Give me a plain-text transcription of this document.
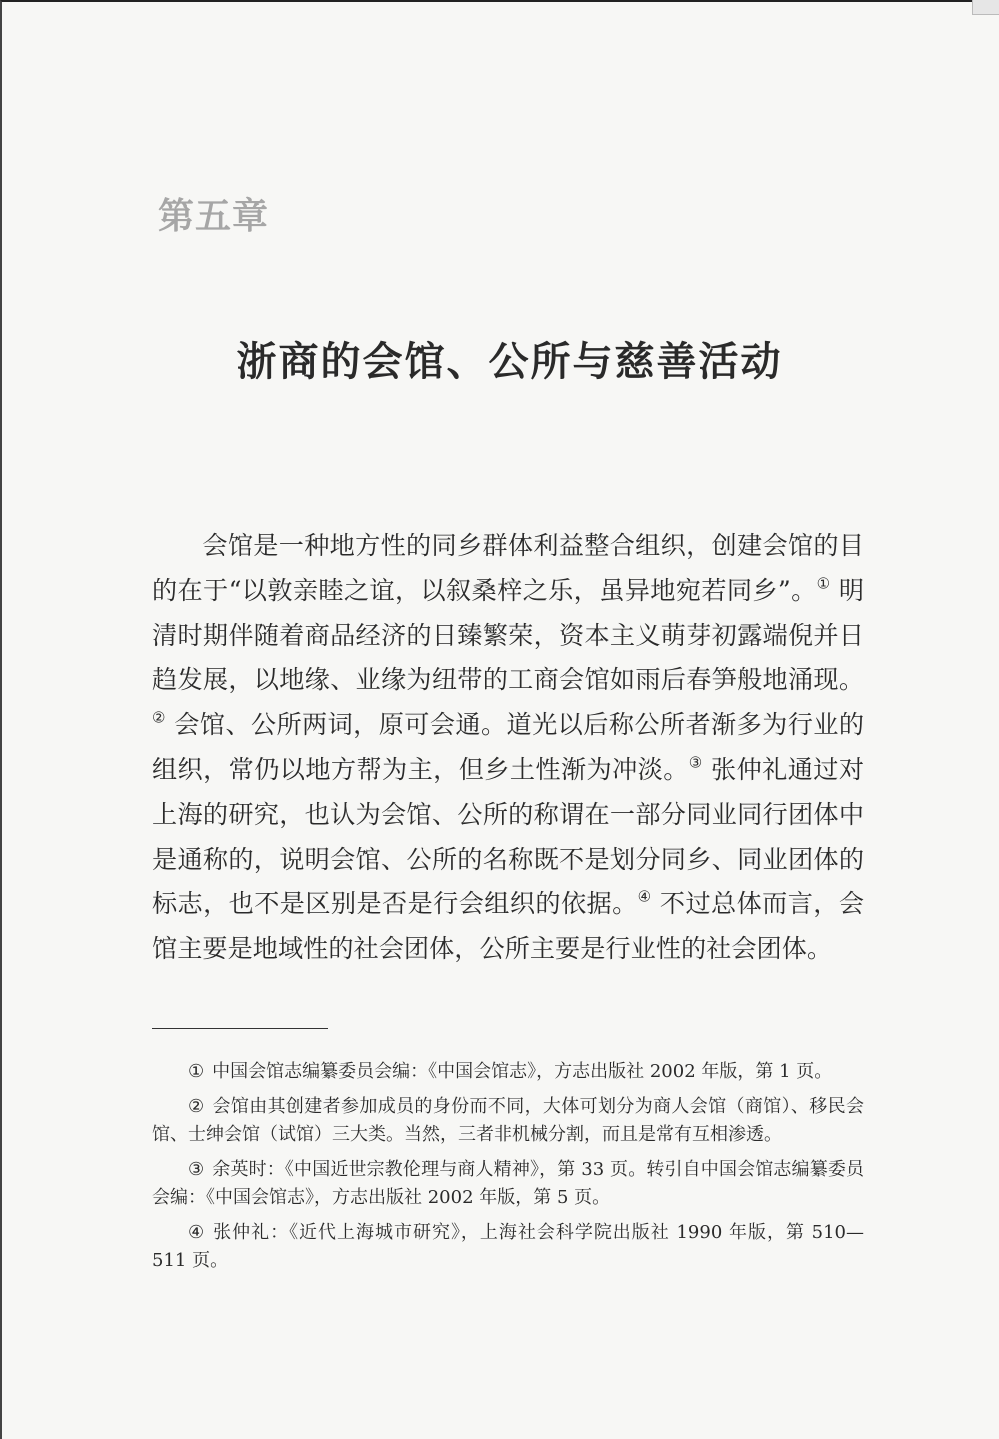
第五章
浙商的会馆、公所与慈善活动

会馆是一种地方性的同乡群体利益整合组织，创建会馆的目的在于“以敦亲睦之谊，以叙桑梓之乐，虽异地宛若同乡”。① 明清时期伴随着商品经济的日臻繁荣，资本主义萌芽初露端倪并日趋发展，以地缘、业缘为纽带的工商会馆如雨后春笋般地涌现。② 会馆、公所两词，原可会通。道光以后称公所者渐多为行业的组织，常仍以地方帮为主，但乡土性渐为冲淡。③ 张仲礼通过对上海的研究，也认为会馆、公所的称谓在一部分同业同行团体中是通称的，说明会馆、公所的名称既不是划分同乡、同业团体的标志，也不是区别是否是行会组织的依据。④ 不过总体而言，会馆主要是地域性的社会团体，公所主要是行业性的社会团体。

① 中国会馆志编纂委员会编：《中国会馆志》，方志出版社 2002 年版，第 1 页。

② 会馆由其创建者参加成员的身份而不同，大体可划分为商人会馆（商馆）、移民会馆、士绅会馆（试馆）三大类。当然，三者非机械分割，而且是常有互相渗透。

③ 余英时：《中国近世宗教伦理与商人精神》，第 33 页。转引自中国会馆志编纂委员会编：《中国会馆志》，方志出版社 2002 年版，第 5 页。

④ 张仲礼：《近代上海城市研究》，上海社会科学院出版社 1990 年版，第 510—511 页。
